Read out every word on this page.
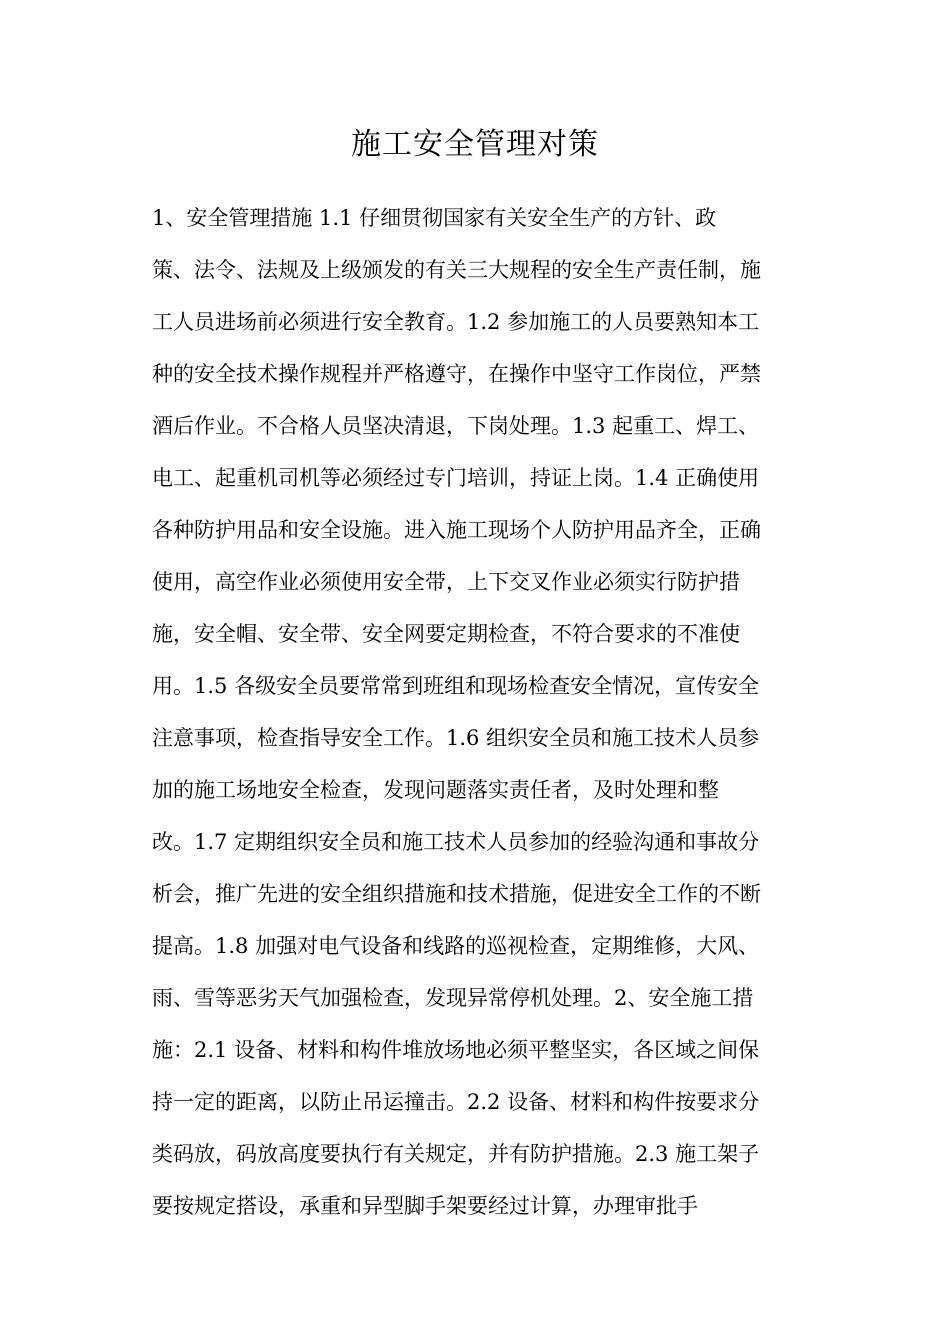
施工安全管理对策

1、安全管理措施 1.1 仔细贯彻国家有关安全生产的方针、政

策、法令、法规及上级颁发的有关三大规程的安全生产责任制，施

工人员进场前必须进行安全教育。1.2 参加施工的人员要熟知本工

种的安全技术操作规程并严格遵守，在操作中坚守工作岗位，严禁

酒后作业。不合格人员坚决清退，下岗处理。1.3 起重工、焊工、

电工、起重机司机等必须经过专门培训，持证上岗。1.4 正确使用

各种防护用品和安全设施。进入施工现场个人防护用品齐全，正确

使用，高空作业必须使用安全带，上下交叉作业必须实行防护措

施，安全帽、安全带、安全网要定期检查，不符合要求的不准使

用。1.5 各级安全员要常常到班组和现场检查安全情况，宣传安全

注意事项，检查指导安全工作。1.6 组织安全员和施工技术人员参

加的施工场地安全检查，发现问题落实责任者，及时处理和整

改。1.7 定期组织安全员和施工技术人员参加的经验沟通和事故分

析会，推广先进的安全组织措施和技术措施，促进安全工作的不断

提高。1.8 加强对电气设备和线路的巡视检查，定期维修，大风、

雨、雪等恶劣天气加强检查，发现异常停机处理。2、安全施工措

施：2.1 设备、材料和构件堆放场地必须平整坚实，各区域之间保

持一定的距离，以防止吊运撞击。2.2 设备、材料和构件按要求分

类码放，码放高度要执行有关规定，并有防护措施。2.3 施工架子

要按规定搭设，承重和异型脚手架要经过计算，办理审批手
